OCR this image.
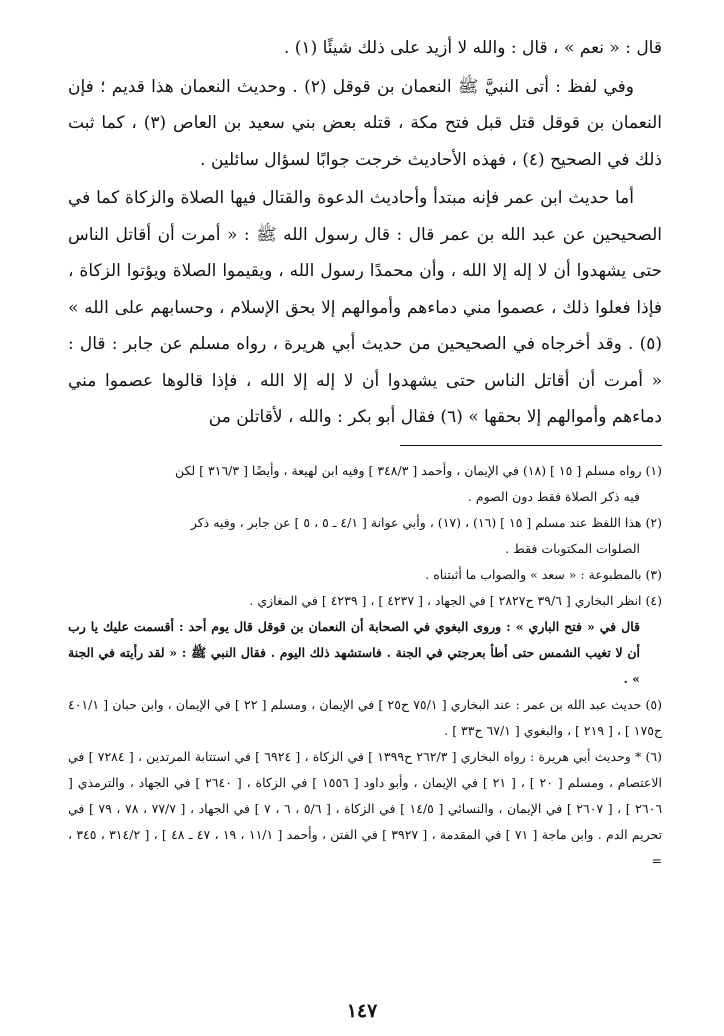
قال : « نعم » ، قال : والله لا أزيد على ذلك شيئًا (١) .

وفي لفظ : أتى النبيَّ ﷺ النعمان بن قوقل (٢) . وحديث النعمان هذا قديم ؛ فإن النعمان بن قوقل قتل قبل فتح مكة ، قتله بعض بني سعيد بن العاص (٣) ، كما ثبت ذلك في الصحيح (٤) ، فهذه الأحاديث خرجت جوابًا لسؤال سائلين .

أما حديث ابن عمر فإنه مبتدأ وأحاديث الدعوة والقتال فيها الصلاة والزكاة كما في الصحيحين عن عبد الله بن عمر قال : قال رسول الله ﷺ : « أمرت أن أقاتل الناس حتى يشهدوا أن لا إله إلا الله ، وأن محمدًا رسول الله ، ويقيموا الصلاة ويؤتوا الزكاة ، فإذا فعلوا ذلك ، عصموا مني دماءهم وأموالهم إلا بحق الإسلام ، وحسابهم على الله » (٥) . وقد أخرجاه في الصحيحين من حديث أبي هريرة ، رواه مسلم عن جابر : قال : « أمرت أن أقاتل الناس حتى يشهدوا أن لا إله إلا الله ، فإذا قالوها عصموا مني دماءهم وأموالهم إلا بحقها » (٦) فقال أبو بكر : والله ، لأقاتلن من

(١) رواه مسلم [ ١٥ ] (١٨) في الإيمان ، وأحمد [ ٣٤٨/٣ ] وفيه ابن لهيعة ، وأيضًا [ ٣١٦/٣ ] لكن

فيه ذكر الصلاة فقط دون الصوم .

(٢) هذا اللفظ عند مسلم [ ١٥ ] (١٦) ، (١٧) ، وأبي عوانة [ ٤/١ ـ ٥ ، ٥ ] عن جابر ، وفيه ذكر

الصلوات المكتوبات فقط .

(٣) بالمطبوعة : « سعد » والصواب ما أثبتناه .

(٤) انظر البخاري [ ٣٩/٦ ح٢٨٢٧ ] في الجهاد ، [ ٤٢٣٧ ] ، [ ٤٢٣٩ ] في المغازي .

قال في « فتح الباري » : وروى البغوي في الصحابة أن النعمان بن قوقل قال يوم أحد : أقسمت عليك يا رب أن لا تغيب الشمس حتى أطأ بعرجتي في الجنة . فاستشهد ذلك اليوم . فقال النبي ﷺ : « لقد رأيته في الجنة » .

(٥) حديث عبد الله بن عمر : عند البخاري [ ٧٥/١ ح٢٥ ] في الإيمان ، ومسلم [ ٢٢ ] في الإيمان ، وابن حبان [ ٤٠١/١ ح١٧٥ ] ، [ ٢١٩ ] ، والبغوي [ ٦٧/١ ح٣٣ ] .

(٦) * وحديث أبي هريرة : رواه البخاري [ ٢٦٢/٣ ح١٣٩٩ ] في الزكاة ، [ ٦٩٢٤ ] في استتابة المرتدين ، [ ٧٢٨٤ ] في الاعتصام ، ومسلم [ ٢٠ ] ، [ ٢١ ] في الإيمان ، وأبو داود [ ١٥٥٦ ] في الزكاة ، [ ٢٦٤٠ ] في الجهاد ، والترمذي [ ٢٦٠٦ ] ، [ ٢٦٠٧ ] في الإيمان ، والنسائي [ ١٤/٥ ] في الزكاة ، [ ٥/٦ ، ٦ ، ٧ ] في الجهاد ، [ ٧٧/٧ ، ٧٨ ، ٧٩ ] في تحريم الدم . وابن ماجة [ ٧١ ] في المقدمة ، [ ٣٩٢٧ ] في الفتن ، وأحمد [ ١١/١ ، ١٩ ، ٤٧ ـ ٤٨ ] ، [ ٣١٤/٢ ، ٣٤٥ ، =

١٤٧
